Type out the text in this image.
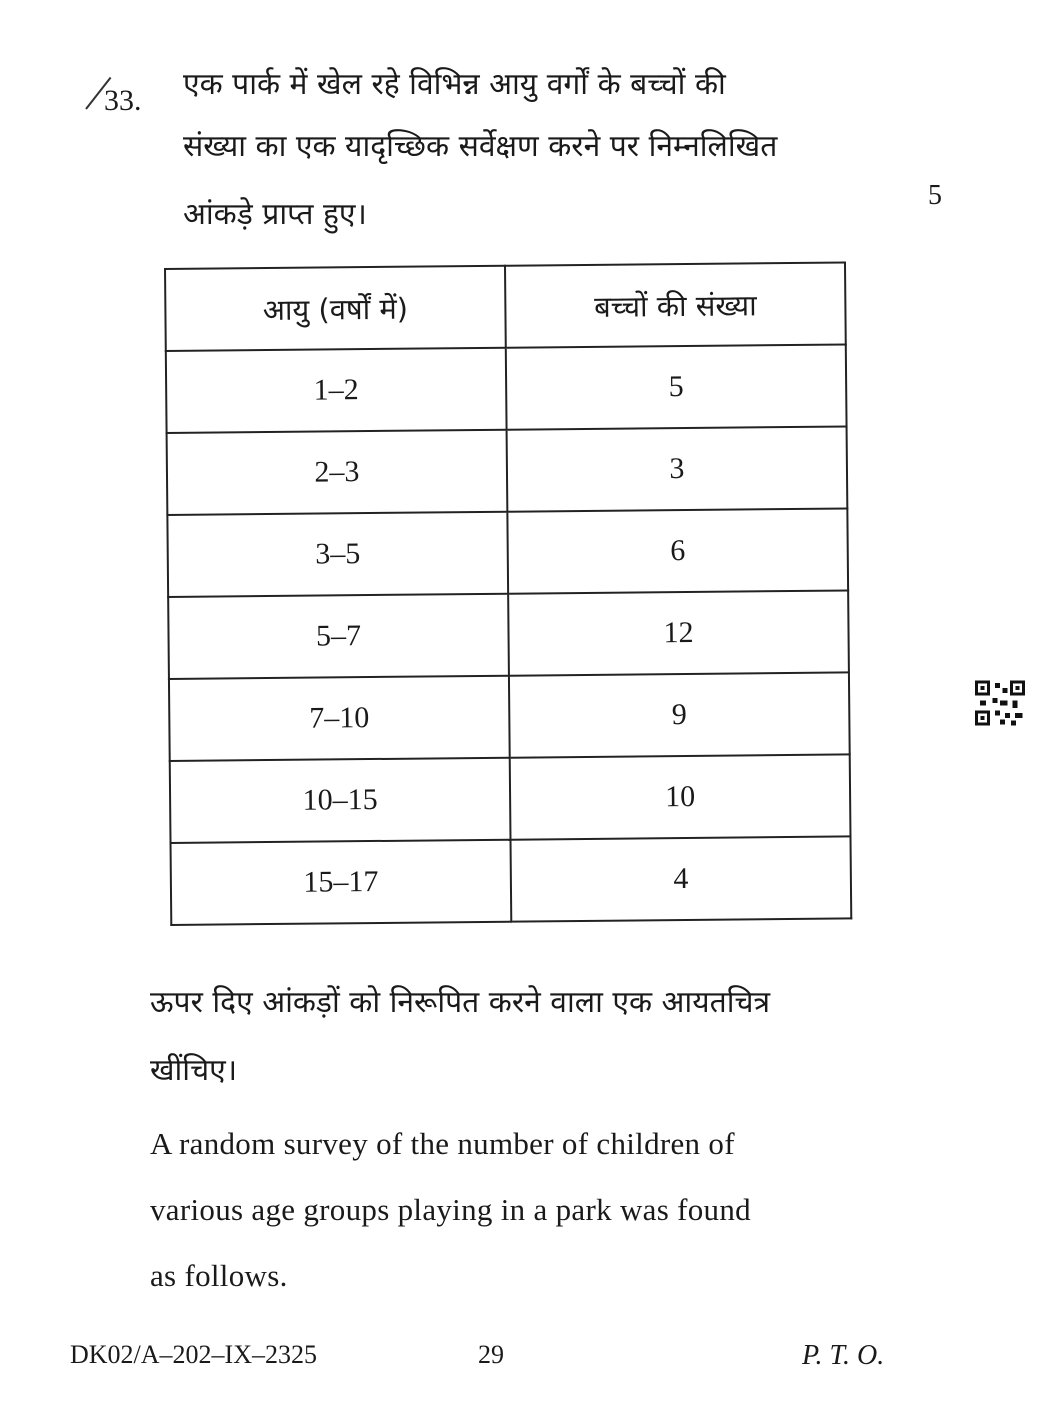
33. एक पार्क में खेल रहे विभिन्न आयु वर्गों के बच्चों की
संख्या का एक यादृच्छिक सर्वेक्षण करने पर निम्नलिखित
आंकड़े प्राप्त हुए।
5
आयु (वर्षों में)	बच्चों की संख्या
1–2	5
2–3	3
3–5	6
5–7	12
7–10	9
10–15	10
15–17	4
ऊपर दिए आंकड़ों को निरूपित करने वाला एक आयतचित्र
खींचिए।
A random survey of the number of children of
various age groups playing in a park was found
as follows.
DK02/A–202–IX–2325	29	P. T. O.
